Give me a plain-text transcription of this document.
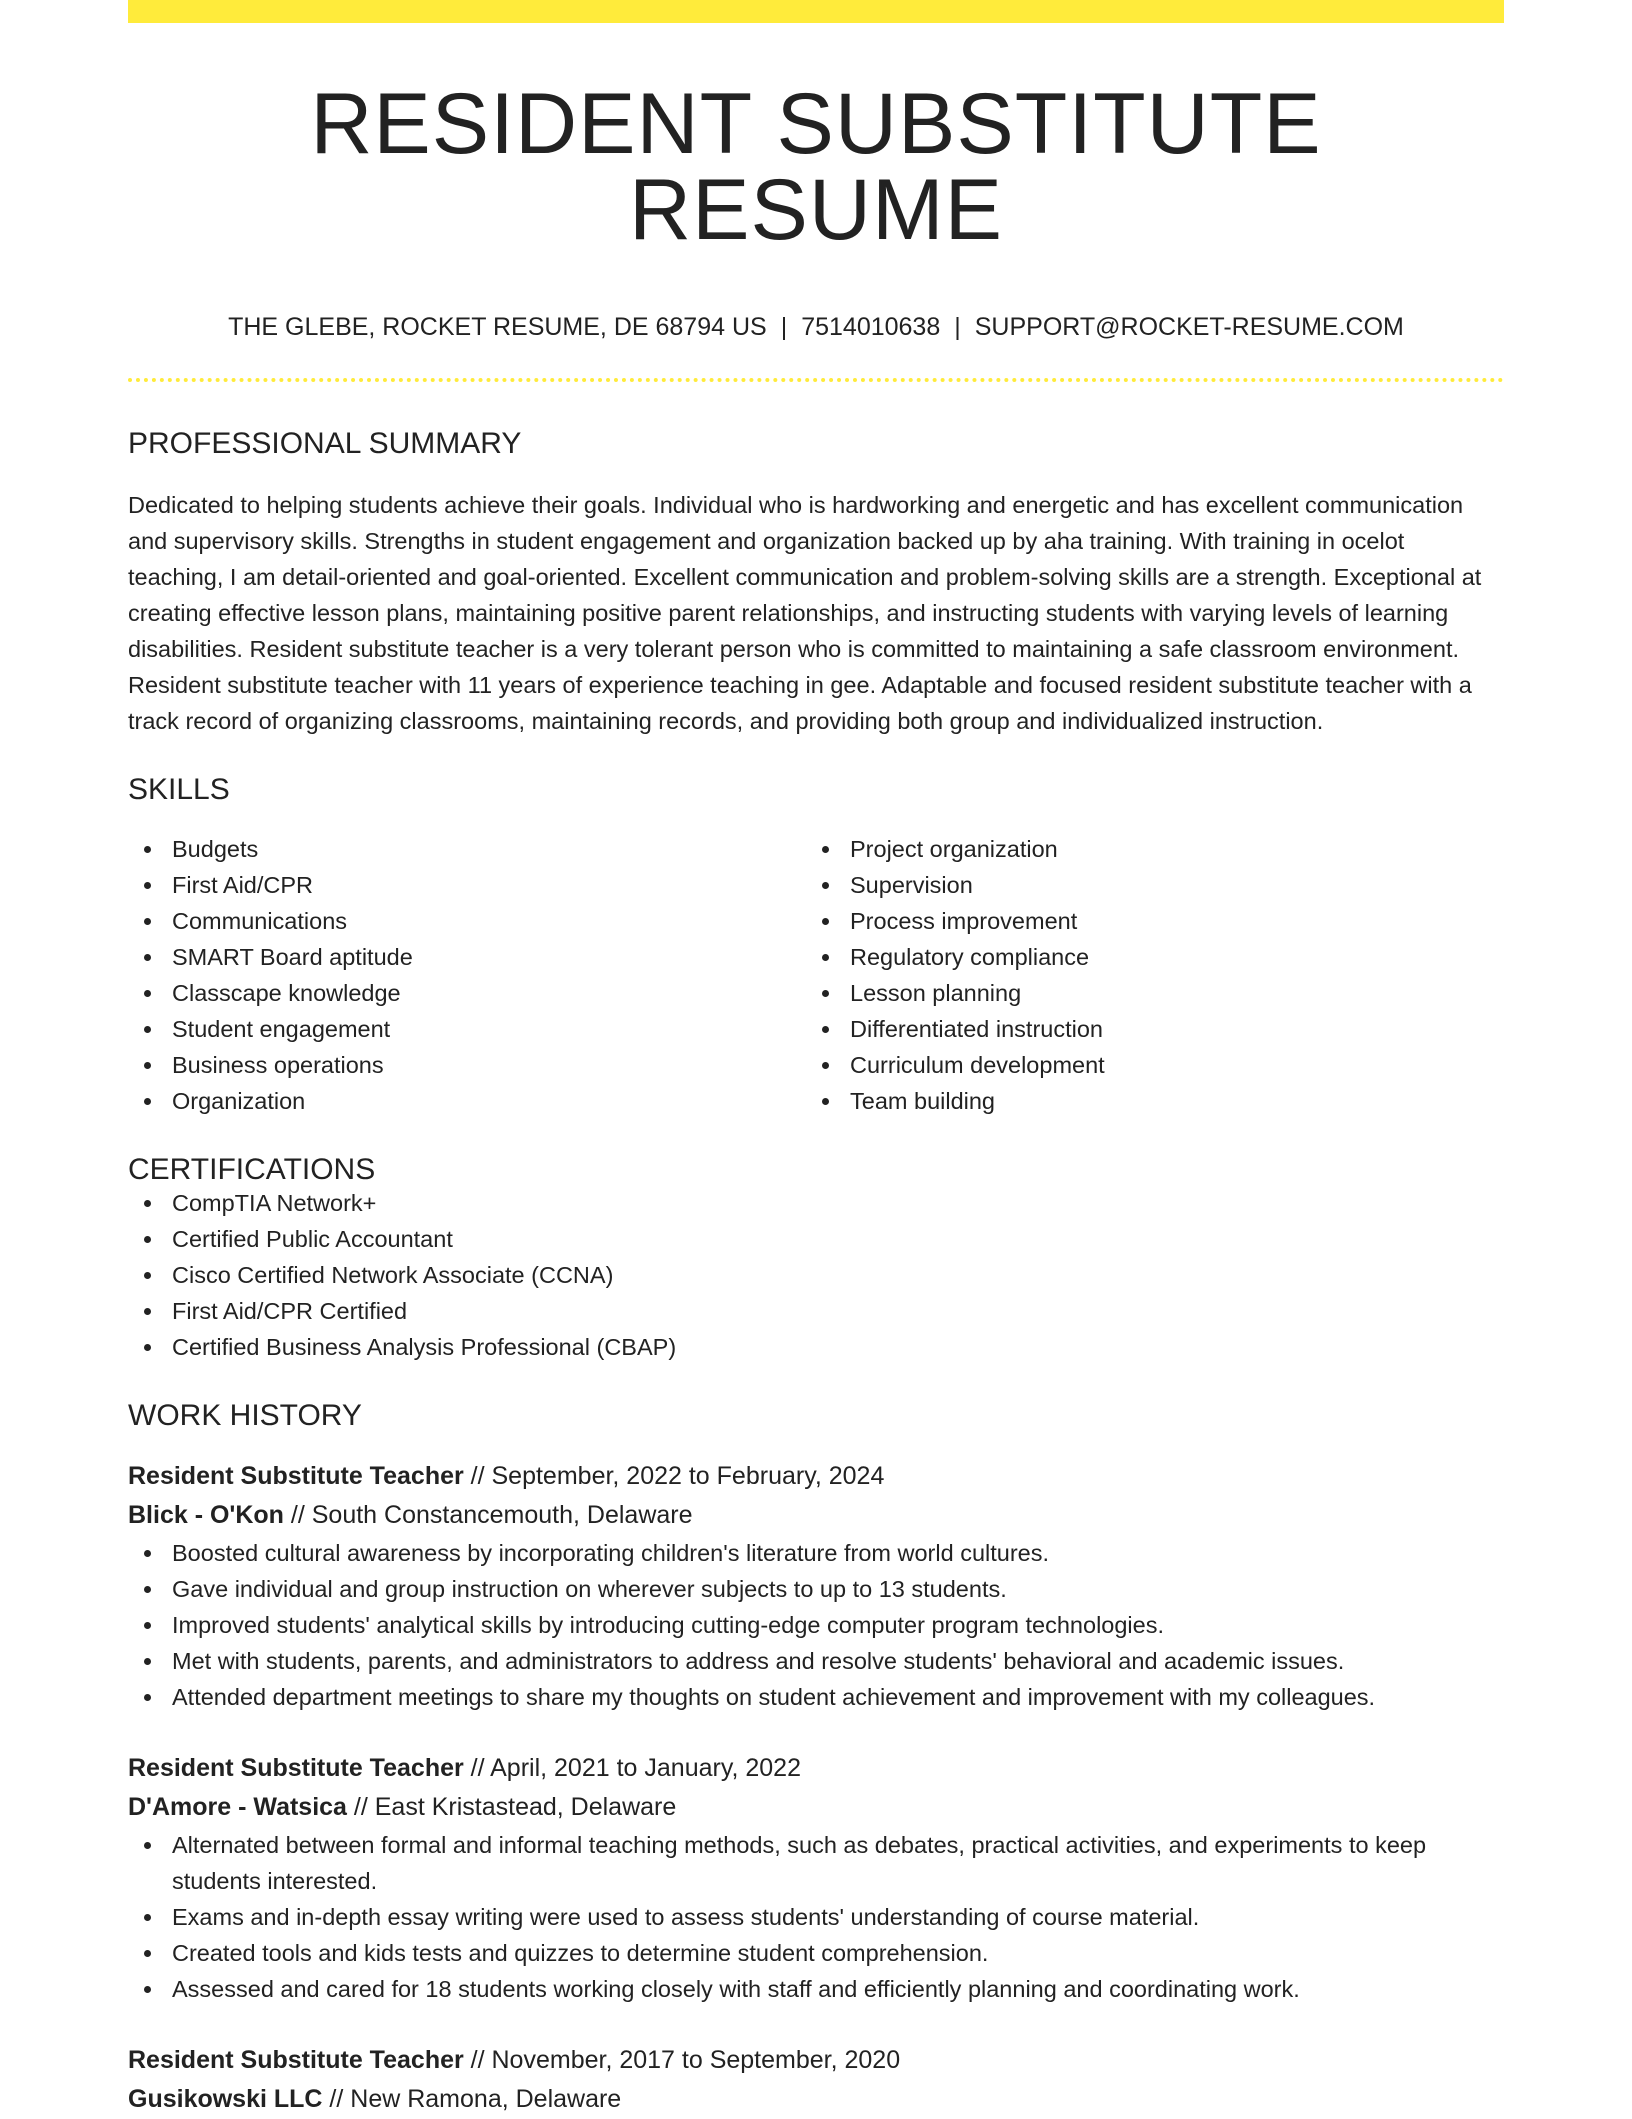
RESIDENT SUBSTITUTE RESUME
THE GLEBE, ROCKET RESUME, DE 68794 US | 7514010638 | SUPPORT@ROCKET-RESUME.COM
PROFESSIONAL SUMMARY
Dedicated to helping students achieve their goals. Individual who is hardworking and energetic and has excellent communication and supervisory skills. Strengths in student engagement and organization backed up by aha training. With training in ocelot teaching, I am detail-oriented and goal-oriented. Excellent communication and problem-solving skills are a strength. Exceptional at creating effective lesson plans, maintaining positive parent relationships, and instructing students with varying levels of learning disabilities. Resident substitute teacher is a very tolerant person who is committed to maintaining a safe classroom environment. Resident substitute teacher with 11 years of experience teaching in gee. Adaptable and focused resident substitute teacher with a track record of organizing classrooms, maintaining records, and providing both group and individualized instruction.
SKILLS
Budgets
First Aid/CPR
Communications
SMART Board aptitude
Classcape knowledge
Student engagement
Business operations
Organization
Project organization
Supervision
Process improvement
Regulatory compliance
Lesson planning
Differentiated instruction
Curriculum development
Team building
CERTIFICATIONS
CompTIA Network+
Certified Public Accountant
Cisco Certified Network Associate (CCNA)
First Aid/CPR Certified
Certified Business Analysis Professional (CBAP)
WORK HISTORY
Resident Substitute Teacher // September, 2022 to February, 2024
Blick - O'Kon // South Constancemouth, Delaware
Boosted cultural awareness by incorporating children's literature from world cultures.
Gave individual and group instruction on wherever subjects to up to 13 students.
Improved students' analytical skills by introducing cutting-edge computer program technologies.
Met with students, parents, and administrators to address and resolve students' behavioral and academic issues.
Attended department meetings to share my thoughts on student achievement and improvement with my colleagues.
Resident Substitute Teacher // April, 2021 to January, 2022
D'Amore - Watsica // East Kristastead, Delaware
Alternated between formal and informal teaching methods, such as debates, practical activities, and experiments to keep students interested.
Exams and in-depth essay writing were used to assess students' understanding of course material.
Created tools and kids tests and quizzes to determine student comprehension.
Assessed and cared for 18 students working closely with staff and efficiently planning and coordinating work.
Resident Substitute Teacher // November, 2017 to September, 2020
Gusikowski LLC // New Ramona, Delaware
